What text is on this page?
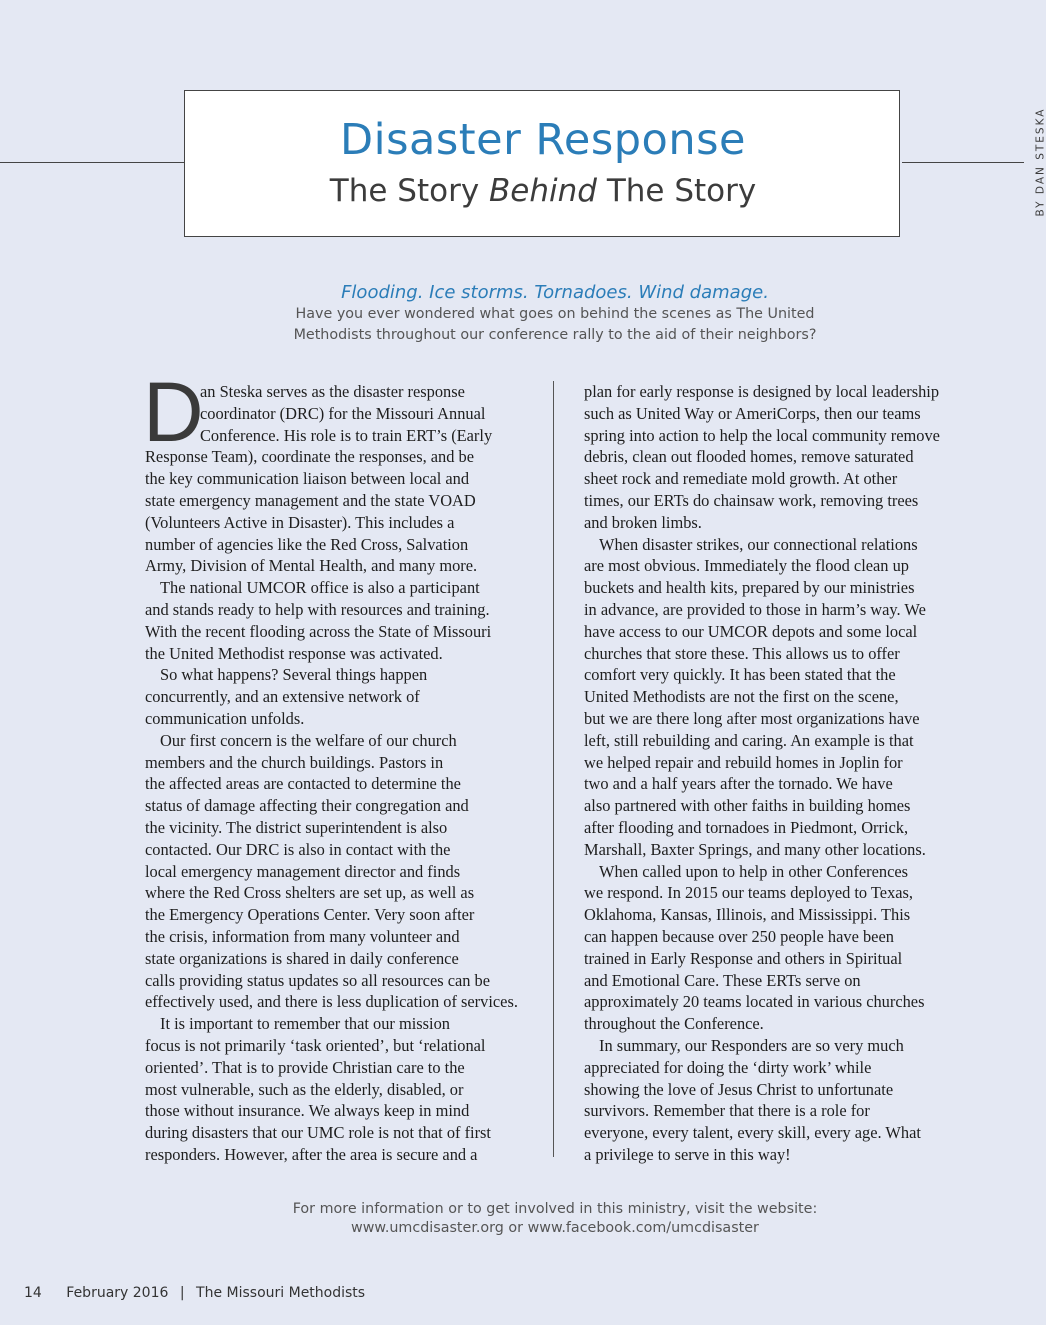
Disaster Response
The Story Behind The Story	BY DAN STESKA
Flooding. Ice storms. Tornadoes. Wind damage.
Have you ever wondered what goes on behind the scenes as The United
Methodists throughout our conference rally to the aid of their neighbors?
D
an Steska serves as the disaster response
coordinator (DRC) for the Missouri Annual
Conference. His role is to train ERT’s (Early
Response Team), coordinate the responses, and be
the key communication liaison between local and
state emergency management and the state VOAD
(Volunteers Active in Disaster). This includes a
number of agencies like the Red Cross, Salvation
Army, Division of Mental Health, and many more.
The national UMCOR office is also a participant
and stands ready to help with resources and training.
With the recent flooding across the State of Missouri
the United Methodist response was activated.
So what happens? Several things happen
concurrently, and an extensive network of
communication unfolds.
Our first concern is the welfare of our church
members and the church buildings. Pastors in
the affected areas are contacted to determine the
status of damage affecting their congregation and
the vicinity. The district superintendent is also
contacted. Our DRC is also in contact with the
local emergency management director and finds
where the Red Cross shelters are set up, as well as
the Emergency Operations Center. Very soon after
the crisis, information from many volunteer and
state organizations is shared in daily conference
calls providing status updates so all resources can be
effectively used, and there is less duplication of services.
It is important to remember that our mission
focus is not primarily ‘task oriented’, but ‘relational
oriented’. That is to provide Christian care to the
most vulnerable, such as the elderly, disabled, or
those without insurance. We always keep in mind
during disasters that our UMC role is not that of first
responders. However, after the area is secure and a
plan for early response is designed by local leadership
such as United Way or AmeriCorps, then our teams
spring into action to help the local community remove
debris, clean out flooded homes, remove saturated
sheet rock and remediate mold growth. At other
times, our ERTs do chainsaw work, removing trees
and broken limbs.
When disaster strikes, our connectional relations
are most obvious. Immediately the flood clean up
buckets and health kits, prepared by our ministries
in advance, are provided to those in harm’s way. We
have access to our UMCOR depots and some local
churches that store these. This allows us to offer
comfort very quickly. It has been stated that the
United Methodists are not the first on the scene,
but we are there long after most organizations have
left, still rebuilding and caring. An example is that
we helped repair and rebuild homes in Joplin for
two and a half years after the tornado. We have
also partnered with other faiths in building homes
after flooding and tornadoes in Piedmont, Orrick,
Marshall, Baxter Springs, and many other locations.
When called upon to help in other Conferences
we respond. In 2015 our teams deployed to Texas,
Oklahoma, Kansas, Illinois, and Mississippi. This
can happen because over 250 people have been
trained in Early Response and others in Spiritual
and Emotional Care. These ERTs serve on
approximately 20 teams located in various churches
throughout the Conference.
In summary, our Responders are so very much
appreciated for doing the ‘dirty work’ while
showing the love of Jesus Christ to unfortunate
survivors. Remember that there is a role for
everyone, every talent, every skill, every age. What
a privilege to serve in this way!
For more information or to get involved in this ministry, visit the website:
www.umcdisaster.org or www.facebook.com/umcdisaster
14 February 2016 | The Missouri Methodists
